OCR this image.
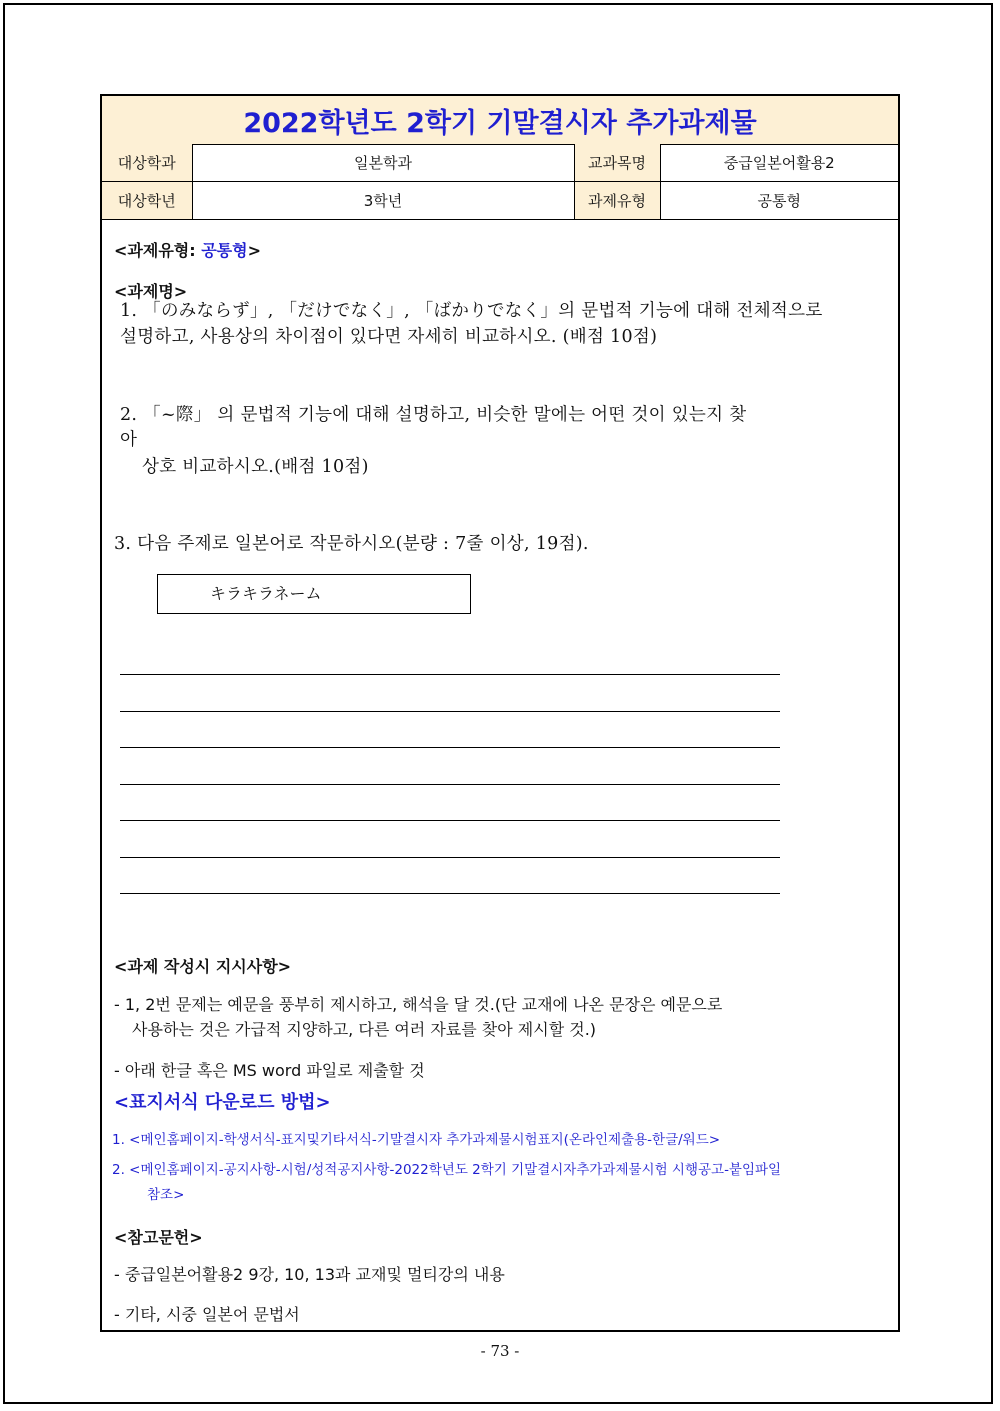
2022학년도 2학기 기말결시자 추가과제물
대상학과	일본학과	교과목명	중급일본어활용2
대상학년	3학년	과제유형	공통형
<과제유형: 공통형>
<과제명>
1. 「のみならず」, 「だけでなく」, 「ばかりでなく」의 문법적 기능에 대해 전체적으로
설명하고, 사용상의 차이점이 있다면 자세히 비교하시오. (배점 10점)
2. 「~際」 의 문법적 기능에 대해 설명하고, 비슷한 말에는 어떤 것이 있는지 찾
아
상호 비교하시오.(배점 10점)
3. 다음 주제로 일본어로 작문하시오(분량 : 7줄 이상, 19점).
キラキラネーム
<과제 작성시 지시사항>
- 1, 2번 문제는 예문을 풍부히 제시하고, 해석을 달 것.(단 교재에 나온 문장은 예문으로
사용하는 것은 가급적 지양하고, 다른 여러 자료를 찾아 제시할 것.)
- 아래 한글 혹은 MS word 파일로 제출할 것
<표지서식 다운로드 방법>
1. <메인홈페이지-학생서식-표지및기타서식-기말결시자 추가과제물시험표지(온라인제출용-한글/워드>
2. <메인홈페이지-공지사항-시험/성적공지사항-2022학년도 2학기 기말결시자추가과제물시험 시행공고-붙임파일
참조>
<참고문헌>
- 중급일본어활용2 9강, 10, 13과 교재및 멀티강의 내용
- 기타, 시중 일본어 문법서
- 73 -
